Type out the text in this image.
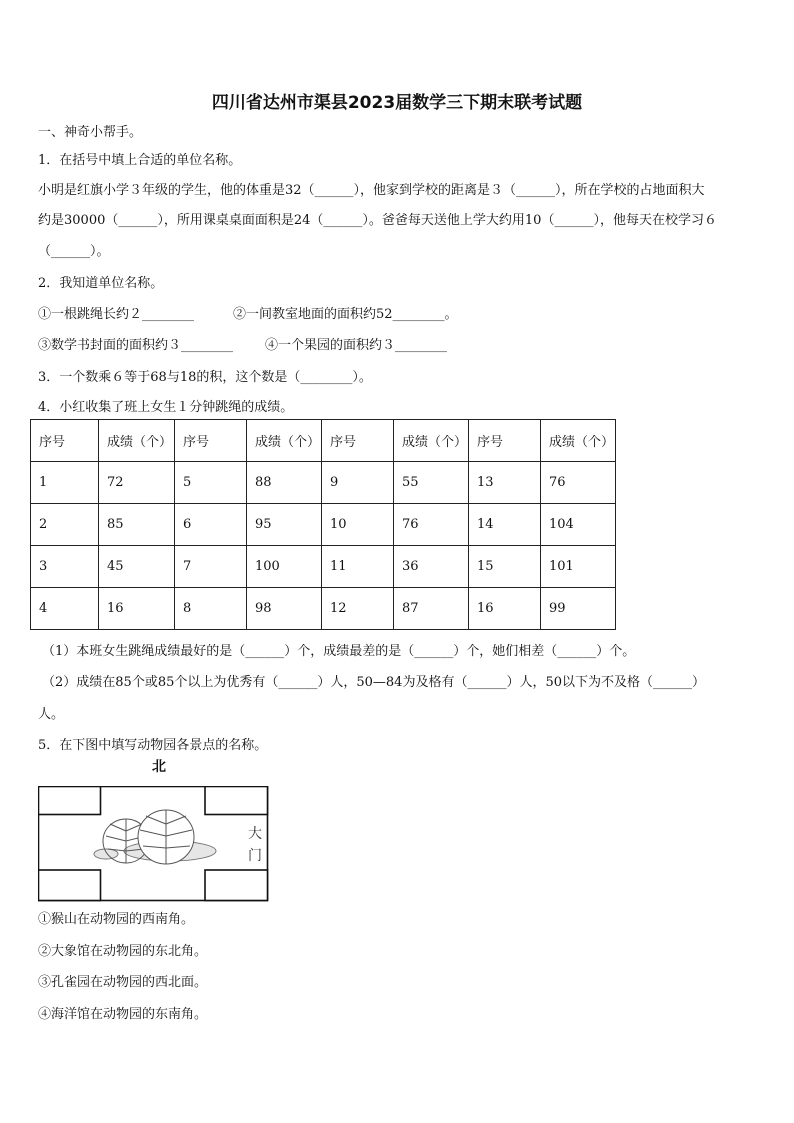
四川省达州市渠县2023届数学三下期末联考试题
一、神奇小帮手。
1．在括号中填上合适的单位名称。
小明是红旗小学３年级的学生，他的体重是32（______），他家到学校的距离是３（______），所在学校的占地面积大
约是30000（______），所用课桌桌面面积是24（______）。爸爸每天送他上学大约用10（______），他每天在校学习６
（______）。
2．我知道单位名称。
①一根跳绳长约２________	②一间教室地面的面积约52________。
③数学书封面的面积约３________ ④一个果园的面积约３________
3．一个数乘６等于68与18的积，这个数是（________）。
4．小红收集了班上女生１分钟跳绳的成绩。
序号	成绩（个）	序号	成绩（个）	序号	成绩（个）	序号	成绩（个）
1	72	5	88	9	55	13	76
2	85	6	95	10	76	14	104
3	45	7	100	11	36	15	101
4	16	8	98	12	87	16	99
（1）本班女生跳绳成绩最好的是（______）个，成绩最差的是（______）个，她们相差（______）个。
（2）成绩在85个或85个以上为优秀有（______）人，50—84为及格有（______）人，50以下为不及格（______）
人。
5．在下图中填写动物园各景点的名称。
北
大
门
①猴山在动物园的西南角。
②大象馆在动物园的东北角。
③孔雀园在动物园的西北面。
④海洋馆在动物园的东南角。
